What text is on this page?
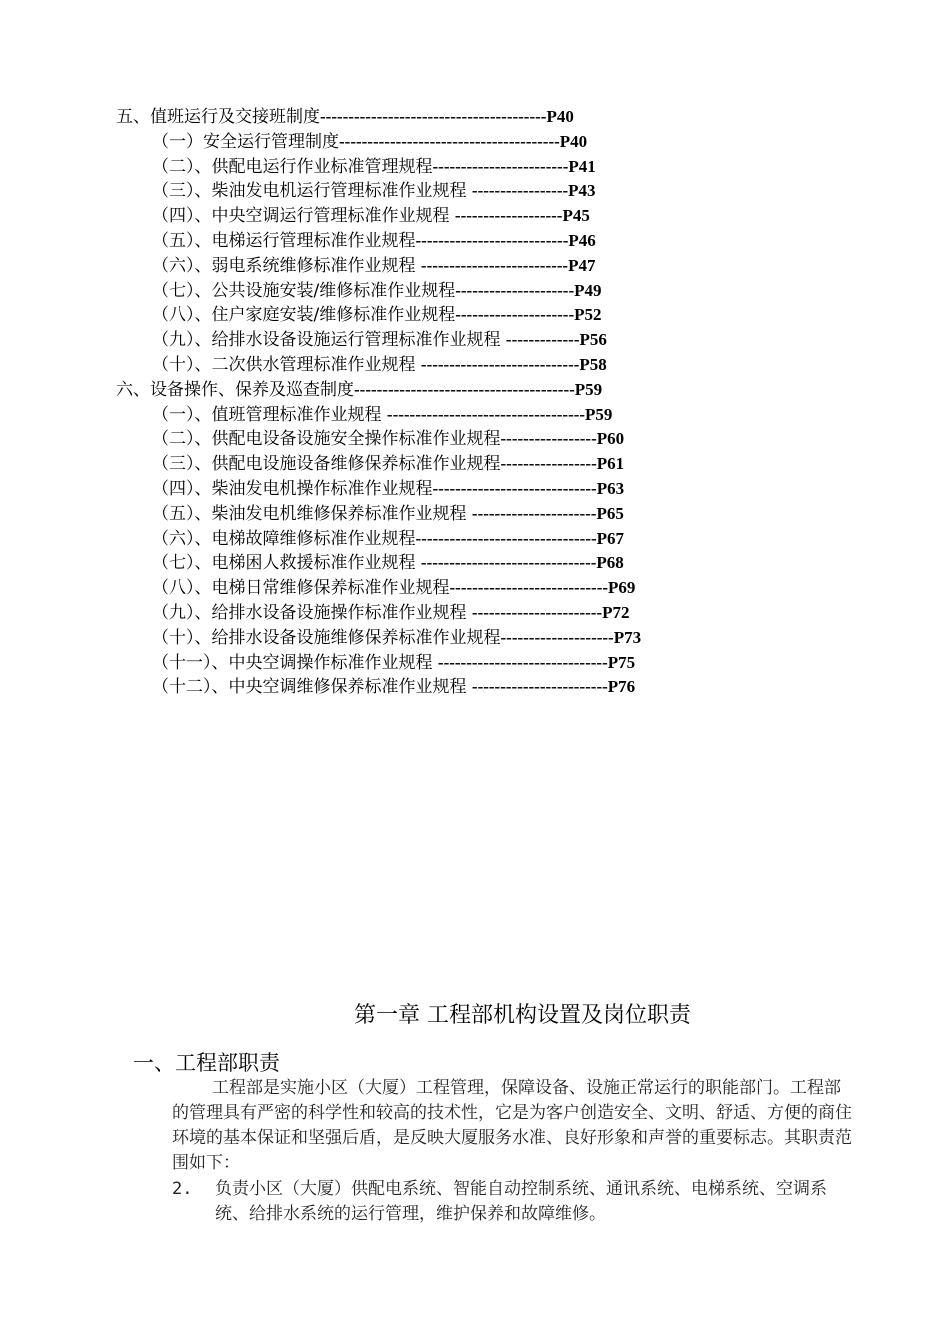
五、值班运行及交接班制度----------------------------------------P40
（一）安全运行管理制度---------------------------------------P40
（二）、供配电运行作业标准管理规程------------------------P41
（三）、柴油发电机运行管理标准作业规程 -----------------P43
（四）、中央空调运行管理标准作业规程 -------------------P45
（五）、电梯运行管理标准作业规程---------------------------P46
（六）、弱电系统维修标准作业规程 --------------------------P47
（七）、公共设施安装/维修标准作业规程---------------------P49
（八）、住户家庭安装/维修标准作业规程---------------------P52
（九）、给排水设备设施运行管理标准作业规程 -------------P56
（十）、二次供水管理标准作业规程 ----------------------------P58
六、设备操作、保养及巡查制度---------------------------------------P59
（一）、值班管理标准作业规程 -----------------------------------P59
（二）、供配电设备设施安全操作标准作业规程-----------------P60
（三）、供配电设施设备维修保养标准作业规程-----------------P61
（四）、柴油发电机操作标准作业规程-----------------------------P63
（五）、柴油发电机维修保养标准作业规程 ----------------------P65
（六）、电梯故障维修标准作业规程--------------------------------P67
（七）、电梯困人救援标准作业规程 -------------------------------P68
（八）、电梯日常维修保养标准作业规程----------------------------P69
（九）、给排水设备设施操作标准作业规程 -----------------------P72
（十）、给排水设备设施维修保养标准作业规程--------------------P73
（十一）、中央空调操作标准作业规程 ------------------------------P75
（十二）、中央空调维修保养标准作业规程 ------------------------P76
第一章 工程部机构设置及岗位职责
一、工程部职责
工程部是实施小区（大厦）工程管理，保障设备、设施正常运行的职能部门。工程部的管理具有严密的科学性和较高的技术性，它是为客户创造安全、文明、舒适、方便的商住环境的基本保证和坚强后盾，是反映大厦服务水准、良好形象和声誉的重要标志。其职责范围如下：
2.	负责小区（大厦）供配电系统、智能自动控制系统、通讯系统、电梯系统、空调系统、给排水系统的运行管理，维护保养和故障维修。
